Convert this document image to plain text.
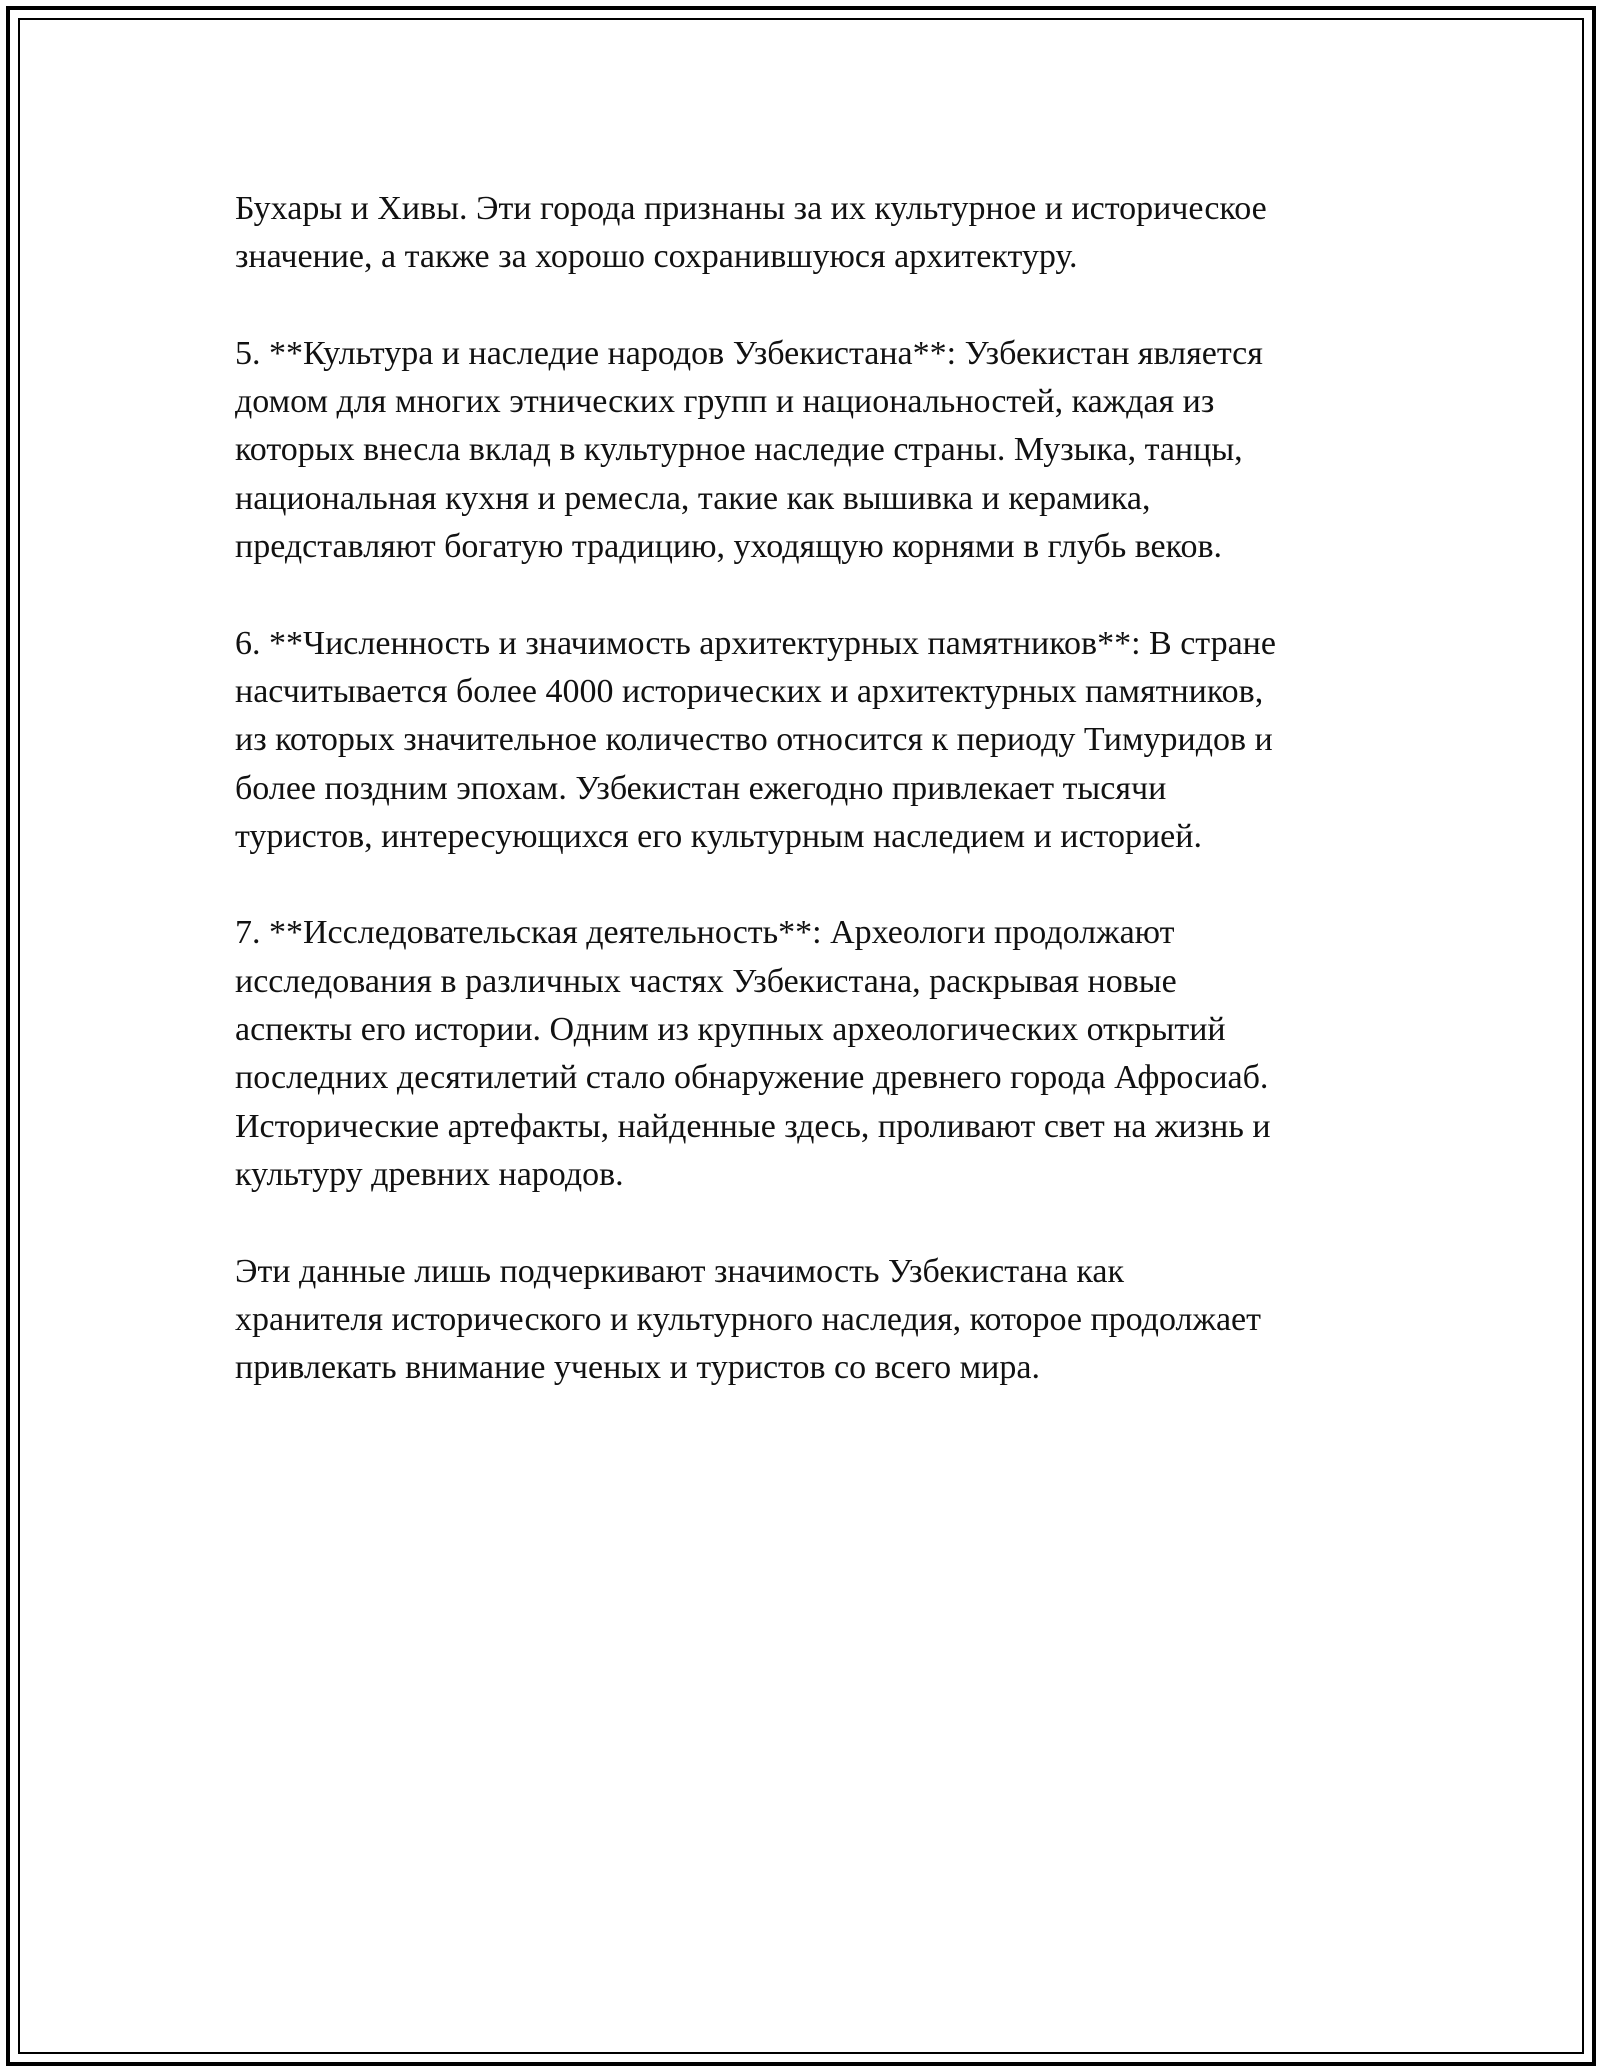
Бухары и Хивы. Эти города признаны за их культурное и историческое
значение, а также за хорошо сохранившуюся архитектуру.

5. **Культура и наследие народов Узбекистана**: Узбекистан является
домом для многих этнических групп и национальностей, каждая из
которых внесла вклад в культурное наследие страны. Музыка, танцы,
национальная кухня и ремесла, такие как вышивка и керамика,
представляют богатую традицию, уходящую корнями в глубь веков.

6. **Численность и значимость архитектурных памятников**: В стране
насчитывается более 4000 исторических и архитектурных памятников,
из которых значительное количество относится к периоду Тимуридов и
более поздним эпохам. Узбекистан ежегодно привлекает тысячи
туристов, интересующихся его культурным наследием и историей.

7. **Исследовательская деятельность**: Археологи продолжают
исследования в различных частях Узбекистана, раскрывая новые
аспекты его истории. Одним из крупных археологических открытий
последних десятилетий стало обнаружение древнего города Афросиаб.
Исторические артефакты, найденные здесь, проливают свет на жизнь и
культуру древних народов.

Эти данные лишь подчеркивают значимость Узбекистана как
хранителя исторического и культурного наследия, которое продолжает
привлекать внимание ученых и туристов со всего мира.
